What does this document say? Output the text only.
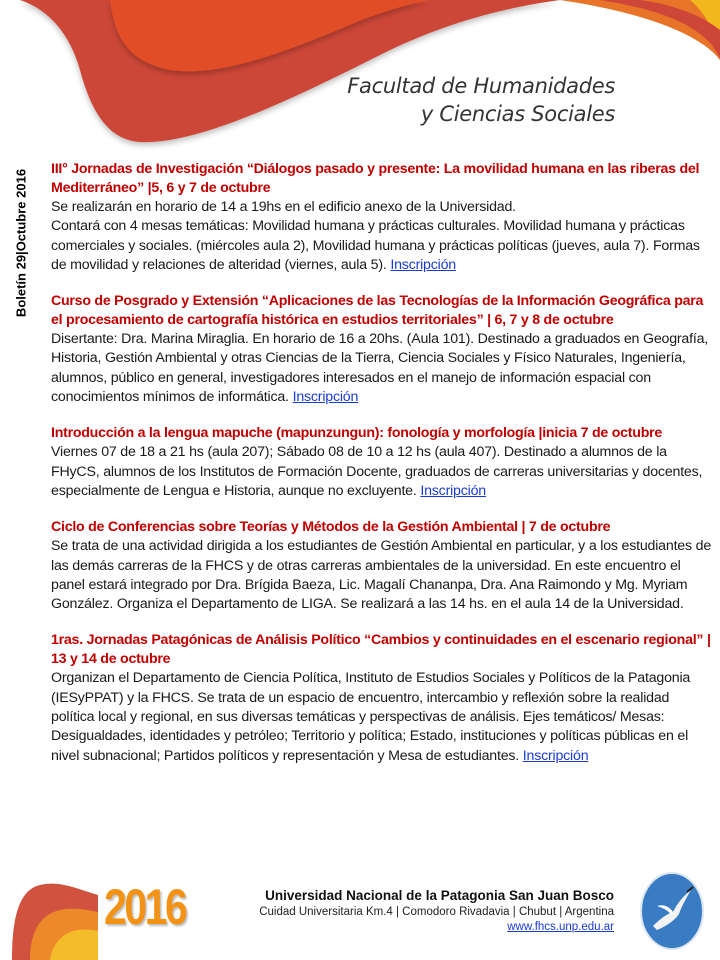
Facultad de Humanidades
y Ciencias Sociales
Boletín 29|Octubre 2016 III° Jornadas de Investigación “Diálogos pasado y presente: La movilidad humana en las riberas del Mediterráneo” |5, 6 y 7 de octubre
Se realizarán en horario de 14 a 19hs en el edificio anexo de la Universidad.
Contará con 4 mesas temáticas: Movilidad humana y prácticas culturales. Movilidad humana y prácticas comerciales y sociales. (miércoles aula 2), Movilidad humana y prácticas políticas (jueves, aula 7). Formas de movilidad y relaciones de alteridad (viernes, aula 5). Inscripción
Curso de Posgrado y Extensión “Aplicaciones de las Tecnologías de la Información Geográfica para el procesamiento de cartografía histórica en estudios territoriales” | 6, 7 y 8 de octubre
Disertante: Dra. Marina Miraglia. En horario de 16 a 20hs. (Aula 101). Destinado a graduados en Geografía, Historia, Gestión Ambiental y otras Ciencias de la Tierra, Ciencia Sociales y Físico Naturales, Ingeniería, alumnos, público en general, investigadores interesados en el manejo de información espacial con conocimientos mínimos de informática. Inscripción
Introducción a la lengua mapuche (mapunzungun): fonología y morfología |inicia 7 de octubre
Viernes 07 de 18 a 21 hs (aula 207); Sábado 08 de 10 a 12 hs (aula 407). Destinado a alumnos de la FHyCS, alumnos de los Institutos de Formación Docente, graduados de carreras universitarias y docentes, especialmente de Lengua e Historia, aunque no excluyente. Inscripción
Ciclo de Conferencias sobre Teorías y Métodos de la Gestión Ambiental | 7 de octubre
Se trata de una actividad dirigida a los estudiantes de Gestión Ambiental en particular, y a los estudiantes de las demás carreras de la FHCS y de otras carreras ambientales de la universidad. En este encuentro el panel estará integrado por Dra. Brígida Baeza, Lic. Magalí Chananpa, Dra. Ana Raimondo y Mg. Myriam González. Organiza el Departamento de LIGA. Se realizará a las 14 hs. en el aula 14 de la Universidad.
1ras. Jornadas Patagónicas de Análisis Político “Cambios y continuidades en el escenario regional” | 13 y 14 de octubre
Organizan el Departamento de Ciencia Política, Instituto de Estudios Sociales y Políticos de la Patagonia (IESyPPAT) y la FHCS. Se trata de un espacio de encuentro, intercambio y reflexión sobre la realidad política local y regional, en sus diversas temáticas y perspectivas de análisis. Ejes temáticos/ Mesas: Desigualdades, identidades y petróleo; Territorio y política; Estado, instituciones y políticas públicas en el nivel subnacional; Partidos políticos y representación y Mesa de estudiantes. Inscripción
2016	Universidad Nacional de la Patagonia San Juan Bosco
Cuidad Universitaria Km.4 | Comodoro Rivadavia | Chubut | Argentina
www.fhcs.unp.edu.ar
